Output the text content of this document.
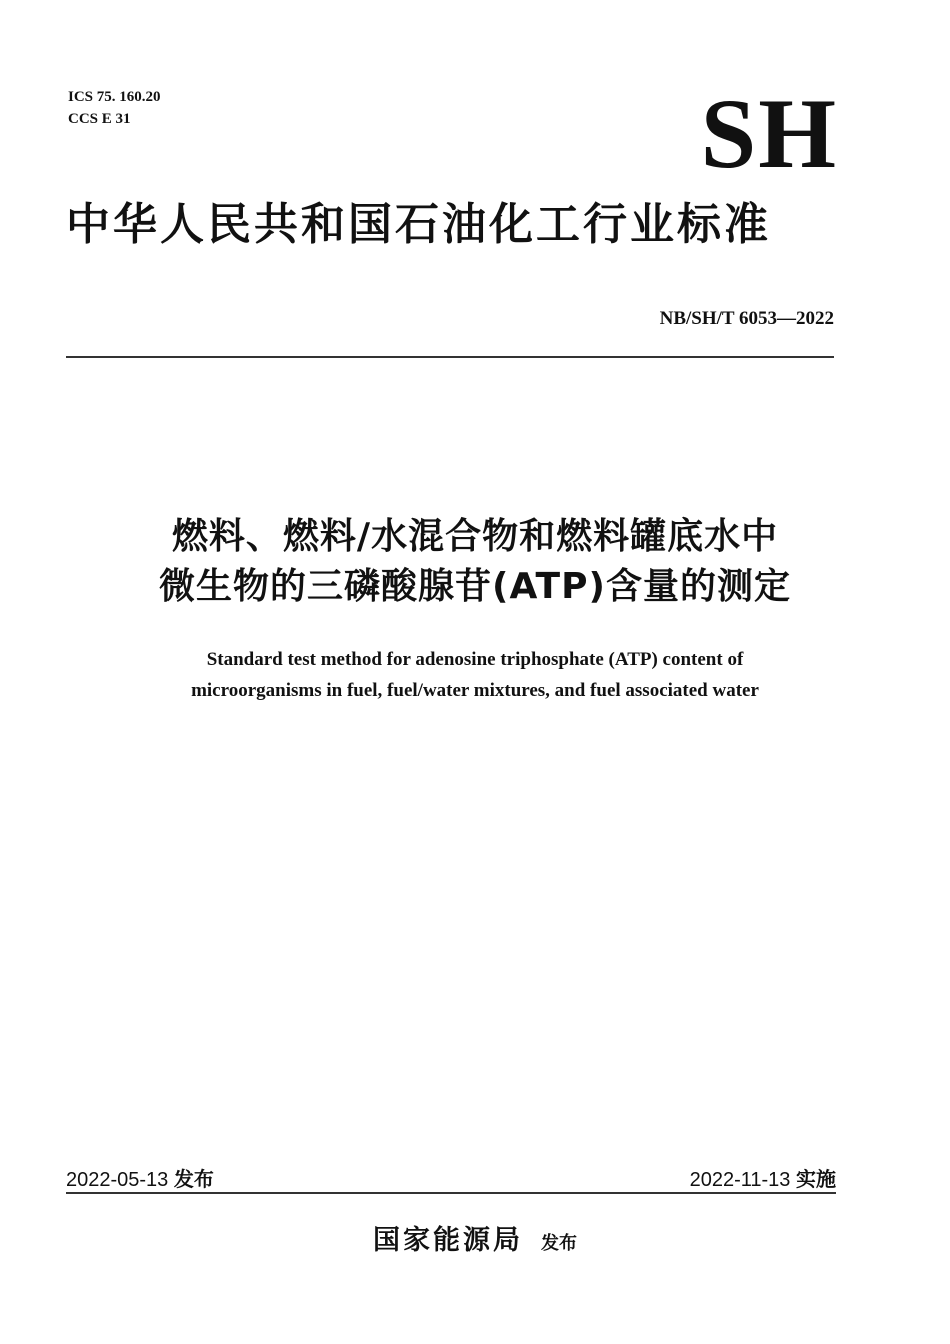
ICS 75. 160.20
CCS E 31	SH
中华人民共和国石油化工行业标准
NB/SH/T 6053—2022
燃料、燃料/水混合物和燃料罐底水中
微生物的三磷酸腺苷(ATP)含量的测定
Standard test method for adenosine triphosphate (ATP) content of
microorganisms in fuel, fuel/water mixtures, and fuel associated water
2022-05-13 发布	2022-11-13 实施
国家能源局 发布
